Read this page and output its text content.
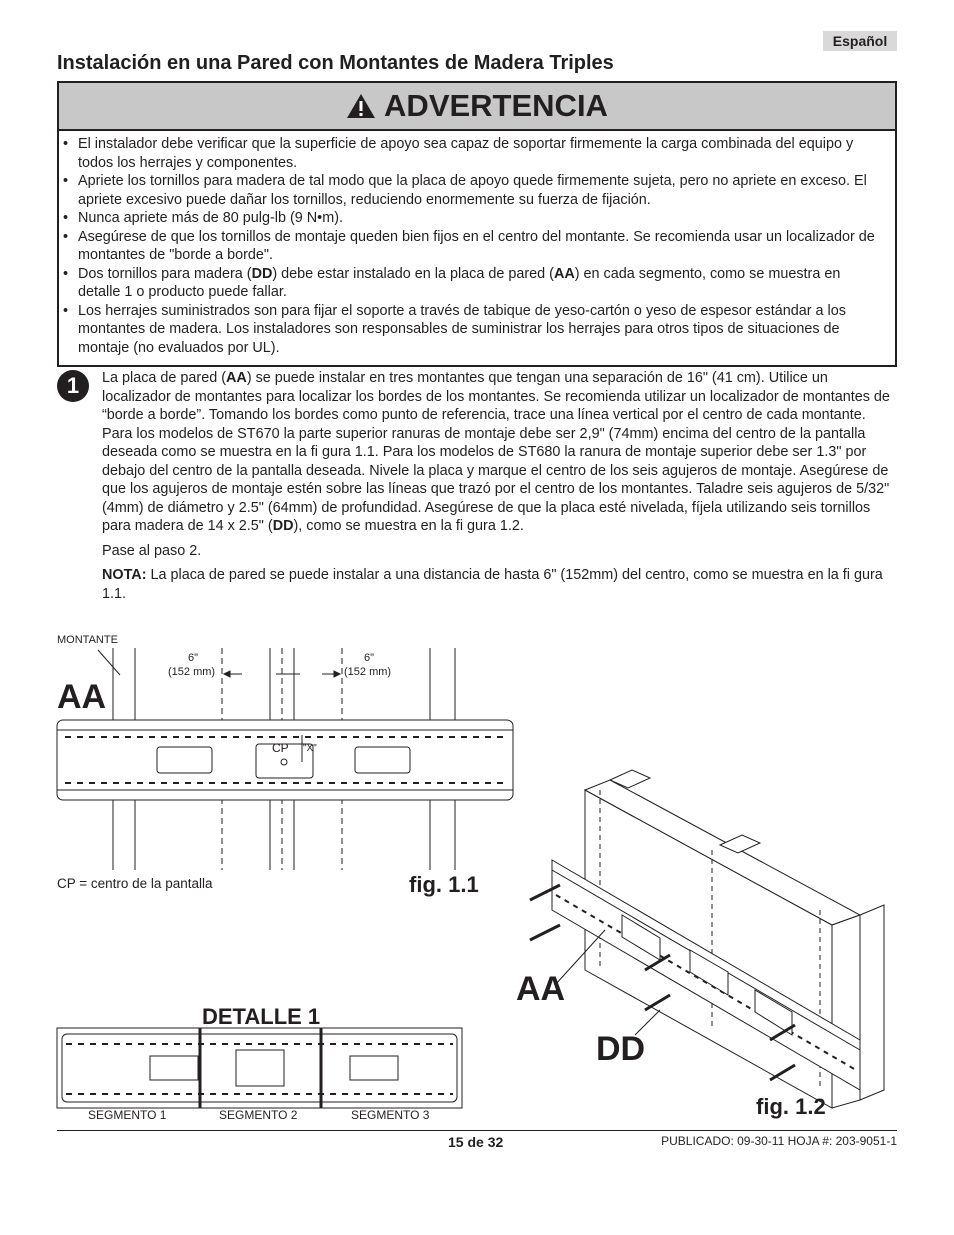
Español
Instalación en una Pared con Montantes de Madera Triples
ADVERTENCIA
• El instalador debe verificar que la superficie de apoyo sea capaz de soportar firmemente la carga combinada del equipo y todos los herrajes y componentes.
• Apriete los tornillos para madera de tal modo que la placa de apoyo quede firmemente sujeta, pero no apriete en exceso. El apriete excesivo puede dañar los tornillos, reduciendo enormemente su fuerza de fijación.
• Nunca apriete más de 80 pulg-lb (9 N•m).
• Asegúrese de que los tornillos de montaje queden bien fijos en el centro del montante. Se recomienda usar un localizador de montantes de "borde a borde".
• Dos tornillos para madera (DD) debe estar instalado en la placa de pared (AA) en cada segmento, como se muestra en detalle 1 o producto puede fallar.
• Los herrajes suministrados son para fijar el soporte a través de tabique de yeso-cartón o yeso de espesor estándar a los montantes de madera. Los instaladores son responsables de suministrar los herrajes para otros tipos de situaciones de montaje (no evaluados por UL).
1	La placa de pared (AA) se puede instalar en tres montantes que tengan una separación de 16" (41 cm). Utilice un localizador de montantes para localizar los bordes de los montantes. Se recomienda utilizar un localizador de montantes de “borde a borde”. Tomando los bordes como punto de referencia, trace una línea vertical por el centro de cada montante. Para los modelos de ST670 la parte superior ranuras de montaje debe ser 2,9" (74mm) encima del centro de la pantalla deseada como se muestra en la fi gura 1.1. Para los modelos de ST680 la ranura de montaje superior debe ser 1.3" por debajo del centro de la pantalla deseada. Nivele la placa y marque el centro de los seis agujeros de montaje. Asegúrese de que los agujeros de montaje estén sobre las líneas que trazó por el centro de los montantes. Taladre seis agujeros de 5/32" (4mm) de diámetro y 2.5" (64mm) de profundidad. Asegúrese de que la placa esté nivelada, fíjela utilizando seis tornillos para madera de 14 x 2.5" (DD), como se muestra en la fi gura 1.2.

Pase al paso 2.

NOTA: La placa de pared se puede instalar a una distancia de hasta 6" (152mm) del centro, como se muestra en la fi gura 1.1.

MONTANTE
6"
(152 mm)
6"
(152 mm)
CP "X"
AA
CP = centro de la pantalla	fig. 1.1
DETALLE 1
SEGMENTO 1	SEGMENTO 2	SEGMENTO 3
AA
DD
fig. 1.2
15 de 32	PUBLICADO: 09-30-11 HOJA #: 203-9051-1
